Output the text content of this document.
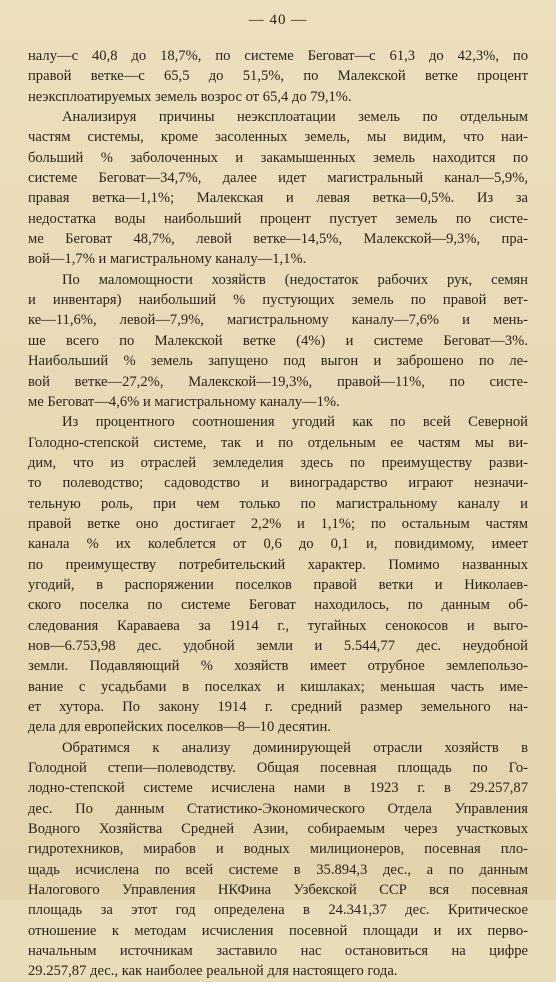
— 40 —
налу—с 40,8 до 18,7%, по системе Беговат—с 61,3 до 42,3%, по
правой ветке—с 65,5 до 51,5%, по Малекской ветке процент
неэксплоатируемых земель возрос от 65,4 до 79,1%.
Анализируя причины неэксплоатации земель по отдельным
частям системы, кроме засоленных земель, мы видим, что наи-
больший % заболоченных и закамышенных земель находится по
системе Беговат—34,7%, далее идет магистральный канал—5,9%,
правая ветка—1,1%; Малекская и левая ветка—0,5%. Из за
недостатка воды наибольший процент пустует земель по систе-
ме Беговат 48,7%, левой ветке—14,5%, Малекской—9,3%, пра-
вой—1,7% и магистральному каналу—1,1%.
По маломощности хозяйств (недостаток рабочих рук, семян
и инвентаря) наибольший % пустующих земель по правой вет-
ке—11,6%, левой—7,9%, магистральному каналу—7,6% и мень-
ше всего по Малекской ветке (4%) и системе Беговат—3%.
Наибольший % земель запущено под выгон и заброшено по ле-
вой ветке—27,2%, Малекской—19,3%, правой—11%, по систе-
ме Беговат—4,6% и магистральному каналу—1%.
Из процентного соотношения угодий как по всей Северной
Голодно-степской системе, так и по отдельным ее частям мы ви-
дим, что из отраслей земледелия здесь по преимуществу разви-
то полеводство; садоводство и виноградарство играют незначи-
тельную роль, при чем только по магистральному каналу и
правой ветке оно достигает 2,2% и 1,1%; по остальным частям
канала % их колеблется от 0,6 до 0,1 и, повидимому, имеет
по преимуществу потребительский характер. Помимо названных
угодий, в распоряжении поселков правой ветки и Николаев-
ского поселка по системе Беговат находилось, по данным об-
следования Караваева за 1914 г., тугайных сенокосов и выго-
нов—6.753,98 дес. удобной земли и 5.544,77 дес. неудобной
земли. Подавляющий % хозяйств имеет отрубное землепользо-
вание с усадьбами в поселках и кишлаках; меньшая часть име-
ет хутора. По закону 1914 г. средний размер земельного на-
дела для европейских поселков—8—10 десятин.
Обратимся к анализу доминирующей отрасли хозяйств в
Голодной степи—полеводству. Общая посевная площадь по Го-
лодно-степской системе исчислена нами в 1923 г. в 29.257,87
дес. По данным Статистико-Экономического Отдела Управления
Водного Хозяйства Средней Азии, собираемым через участковых
гидротехников, мирабов и водных милиционеров, посевная пло-
щадь исчислена по всей системе в 35.894,3 дес., а по данным
Налогового Управления НКФина Узбекской ССР вся посевная
площадь за этот год определена в 24.341,37 дес. Критическое
отношение к методам исчисления посевной площади и их перво-
начальным источникам заставило нас остановиться на цифре
29.257,87 дес., как наиболее реальной для настоящего года.
